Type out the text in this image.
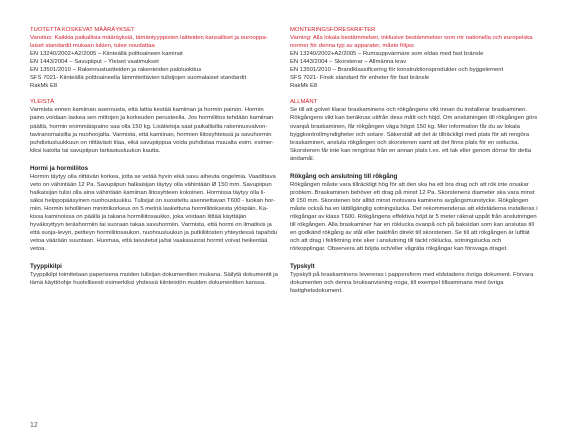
TUOTETTA KOSKEVAT MÄÄRÄYKSET

Varoitus: Kaikkia paikallisia määräyksiä, tämäntyyppisten laitteiden kansalliset ja eurooppa-laiset standardit mukaan lukien, tulee noudattaa

EN 13240/2002+A2/2005 – Kiinteällä polttoaineen kaminat

EN 1443/2004 – Savupiiput – Yleiset vaatimukset

EN 13501/2010 – Rakennustuotteiden ja rakenteiden paloluokitus

SFS 7021- Kiinteällä polttoaineella lämmitettävien tulisijojen suomalaiset standardit

RakMk E8

YLEISTÄ

Varmista ennen kamiinan asennusta, että lattia kestää kamiinan ja hormin painon. Hormin paino voidaan laskea sen mittojen ja korkeuden perusteella. Jos hormiliitos tehdään kamiinan päältä, hormin enimmäispaino saa olla 150 kg. Lisätietoja saat paikallisilta rakennusvalvon-taviranomaisilta ja nuohoojalta. Varmista, että kamiinan, hormien liitosyhteissä ja savuhormin puhdistusluukkuun on riittävästi tilaa, eikä savupiippua voida puhdistaa muualta esim. esimer-kiksi katolta tai savupiipun tarkastusluukun kautta.

Hormi ja hormiliitos

Hormin täytyy olla riittävän korkea, jotta se vetää hyvin eikä savu aiheuta ongelmia. Vaadittava veto on vähintään 12 Pa. Savupiipun halkaisijan täytyy olla vähintään Ø 150 mm. Savupiipun halkaisijan tulisi olla aina vähintään kamiinan liitosyhteen kokoinen. Hormissa täytyy olla li-säksi helppopääsyinen nuohousluukku. Tulisijat on suositeltu asennettavan T600 - luokan hor-miin. Hormin teholliinen minimikorkeus on 5 metriä laskettuna hormiliitoksesta ylöspäin. Ka-kissa kaminoissa on päällä ja takana hormiliitosaukko, joka voidaan liittää käyttäjän hyväksyttyyn teräshormiin tai suoraan takaa savuhormiin. Varmista, että hormi on ilmatiivis ja että suoja-levyn, peitteyn hormiliitosaukon, nuohousluukun ja putkiliitosten yhteydessä tapahdu vetoa väärään suuntaan. Huomaa, että taivutetut ja/tai vaakasuorat hormit voivat heikentää vetoa.

Tyyppikilpi

Tyyppikilpi toimitetaan paperisena muiden tulisijan dokumenttien mukana. Säilytä dokumentit ja tämä käyttöohje huolellisesti esimerkiksi yhdessä kiinteistön muiden dokumenttien kanssa.

MONTERINGSFÖRESKRIFTER

Varning: Alla lokala bestämmelser, inklusive bestämmelser som rör nationella och europeiska normer för denna typ av apparater, måste följas

EN 13240/2002+A2/2005 – Rumsuppvärmare som eldas med fast bränsle

EN 1443/2004 – Skorstenar – Allmänna krav

EN 13501/2010 – Brandklassificering för konstruktionsprodukter och byggelement

SFS 7021- Finsk standard för enheter för fast bränsle

RakMk E8

ALLMÄNT

Se till att golvet klarar braskaminens och rökgångens vikt innan du installerar braskaminen. Rökgångens vikt kan beräknas utifrån dess mått och höjd. Om anslutningen till rökgången görs ovanpå braskaminen, får rökgången väga högst 150 kg. Mer information får du av lokala byggkontrollmyndigheter och sotare. Säkerställ att det är tillräckligt med plats för att rengöra braskaminen, ansluta rökgången och skorstenen samt att det finns plats för en sotlucka. Skorstenen får inte kan rengöras från en annan plats t.ex. ett tak eller genom dörrar för detta ändamål.

Rökgång och anslutning till rökgång

Rökgången måste vara tillräckligt hög för att den ska ha ett bra drag och att rök inte orsakar problem. Braskaminen behöver ett drag på minst 12 Pa. Skorstenens diameter ska vara minst Ø 150 mm. Skorstenen bör alltid minst motsvara kaminens avgångsmunstycke. Rökgången måste också ha en lättillgänglig sotningslucka. Det rekommenderas att eldstäderna installeras i rökgångar av klass T600. Rökgångens effektiva höjd är 5 meter räknat uppåt från anslutningen till rökgången. Alla braskaminer har en röklucka ovanpå och på baksidan som kan anslutas till en godkänd rökgång av stål eller bakifrån direkt till skorstenen. Se till att rökgången är lufttät och att drag i felriktning inte sker i anslutning till täckt röklucka, sotningslucka och rörkopplingar. Observera att böjda och/eller vågräta rökgångar kan försvaga draget.

Typskylt

Typskylt på braskaminens levereras i pappersform med eldstadens övriga dokument. Förvara dokumenten och denna bruksanvisning noga, till exempel tillsammans med övriga fastighetsdokument.

12
